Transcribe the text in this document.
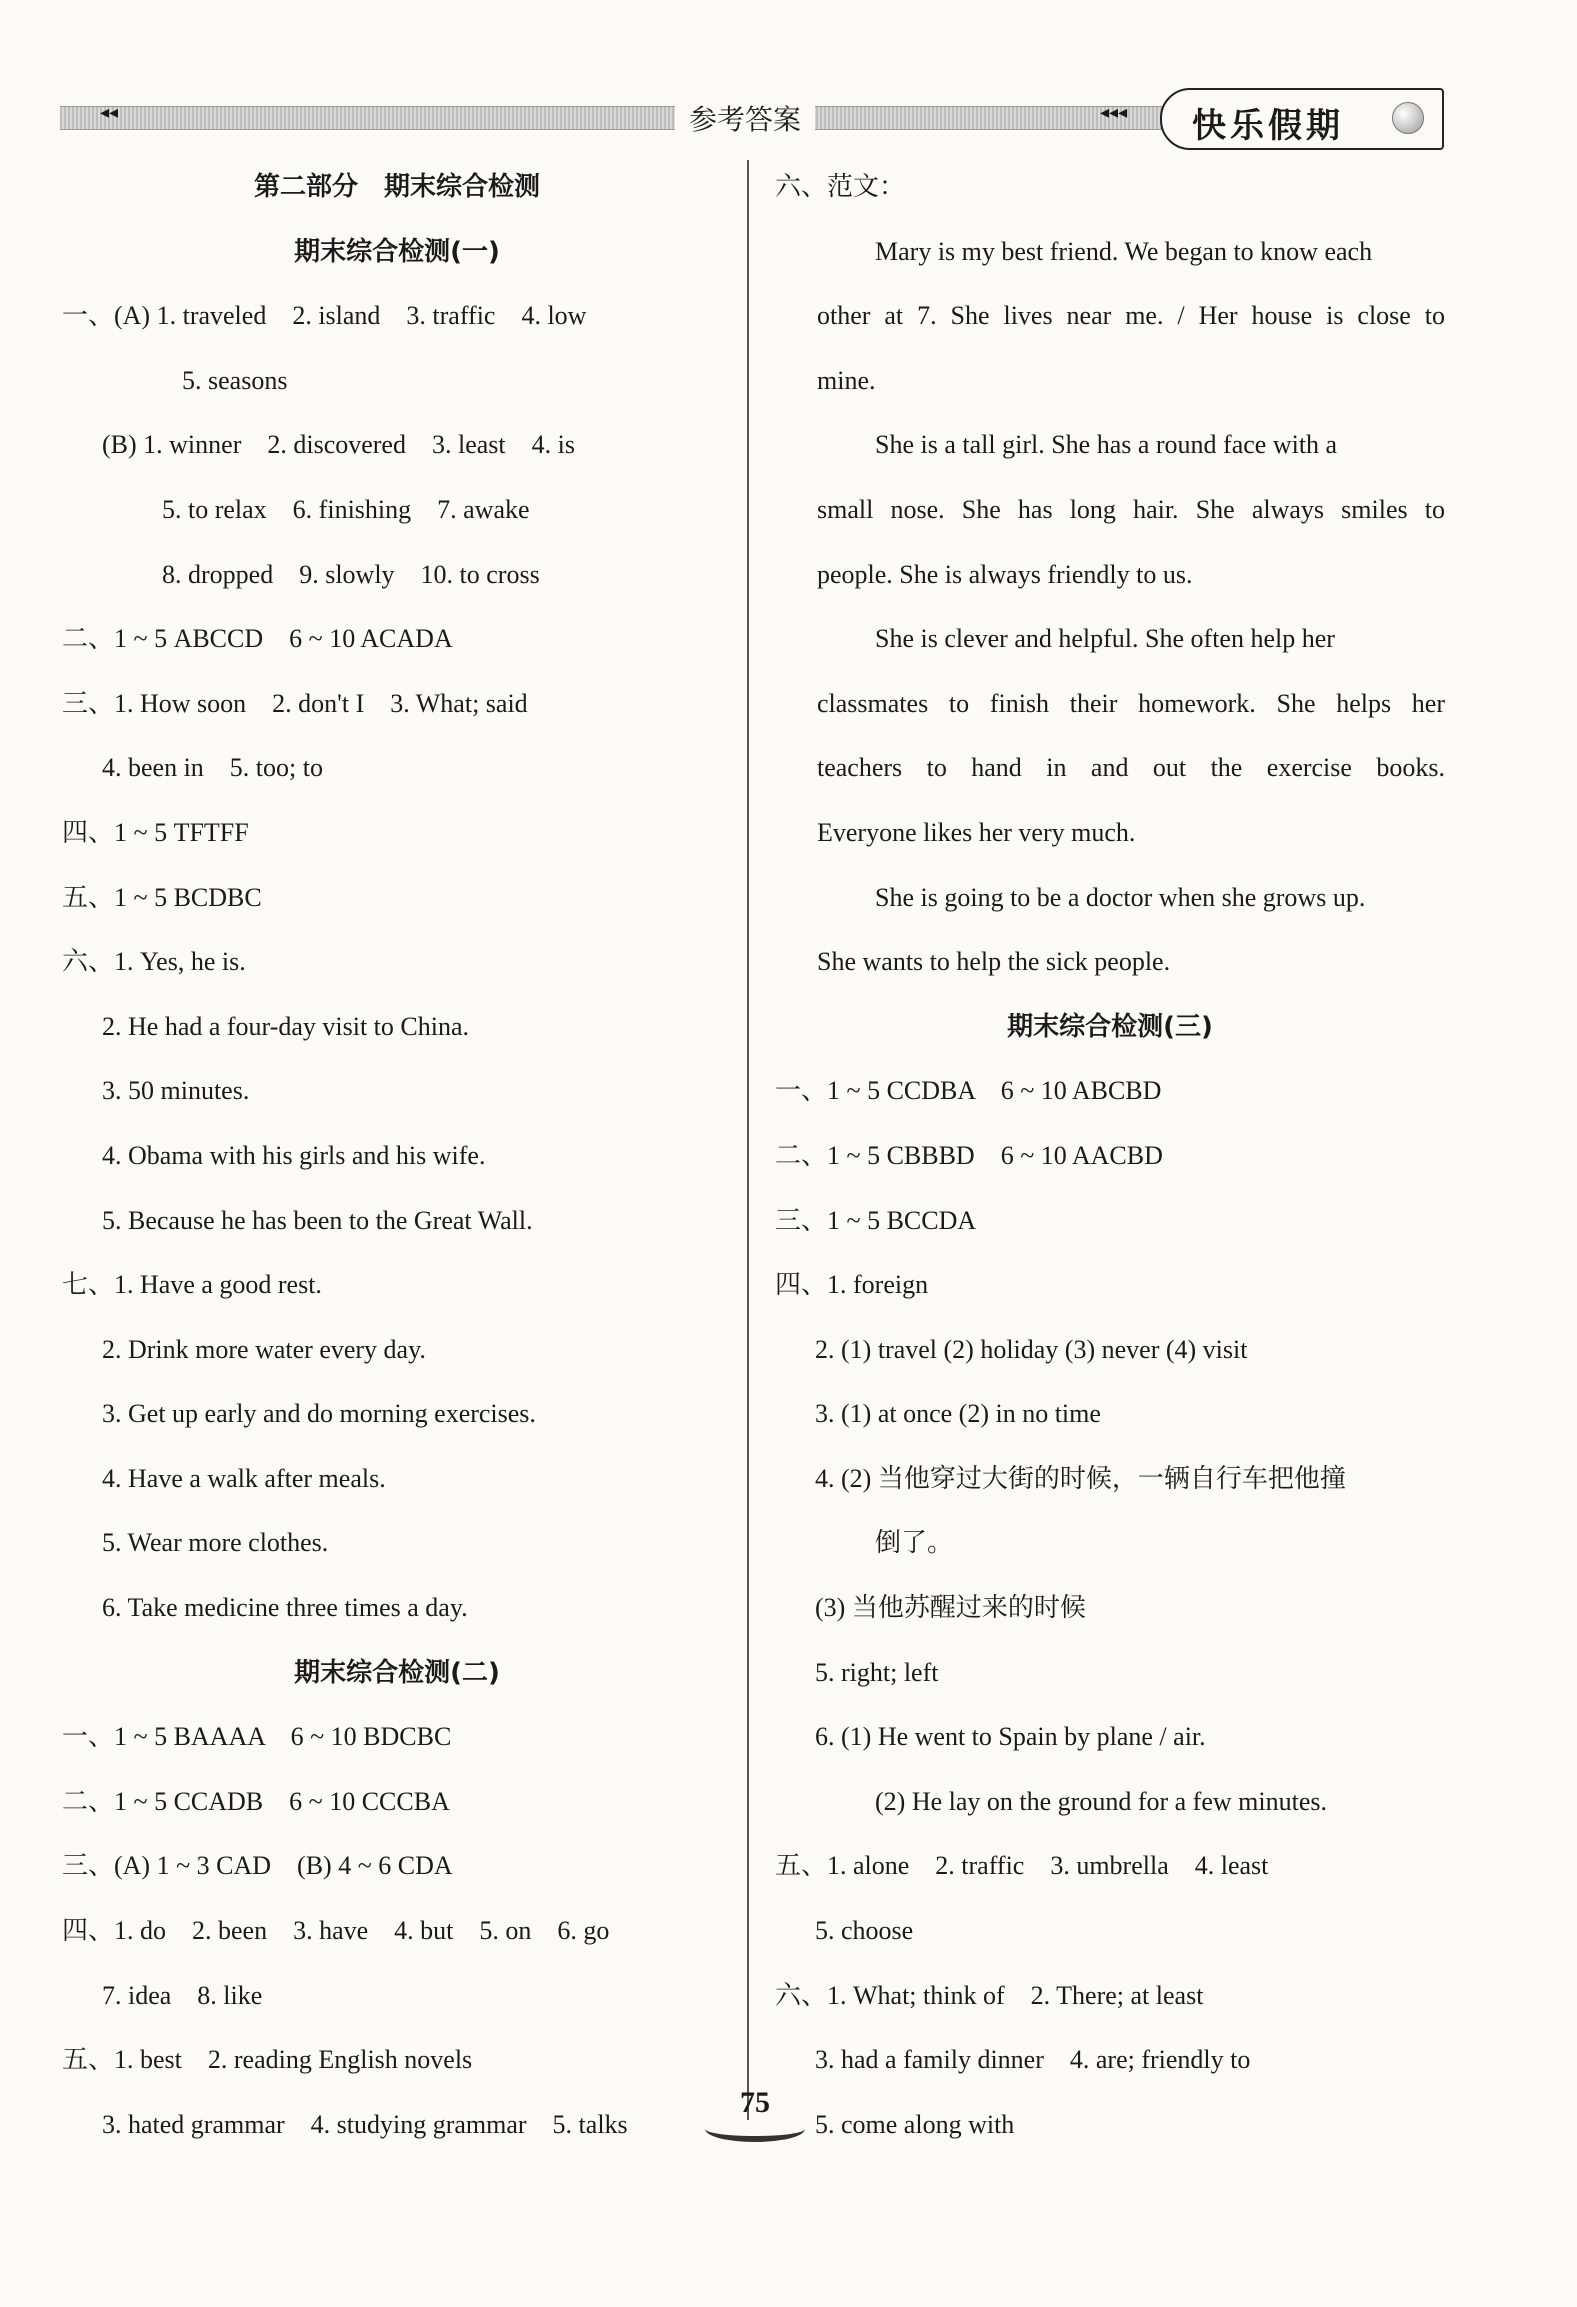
◂◂	◂◂◂
参考答案	快乐假期
第二部分　期末综合检测
期末综合检测(一)
一、(A) 1. traveled　2. island　3. traffic　4. low
5. seasons
(B) 1. winner　2. discovered　3. least　4. is
5. to relax　6. finishing　7. awake
8. dropped　9. slowly　10. to cross
二、1 ~ 5 ABCCD　6 ~ 10 ACADA
三、1. How soon　2. don't I　3. What; said
4. been in　5. too; to
四、1 ~ 5 TFTFF
五、1 ~ 5 BCDBC
六、1. Yes, he is.
2. He had a four-day visit to China.
3. 50 minutes.
4. Obama with his girls and his wife.
5. Because he has been to the Great Wall.
七、1. Have a good rest.
2. Drink more water every day.
3. Get up early and do morning exercises.
4. Have a walk after meals.
5. Wear more clothes.
6. Take medicine three times a day.
期末综合检测(二)
一、1 ~ 5 BAAAA　6 ~ 10 BDCBC
二、1 ~ 5 CCADB　6 ~ 10 CCCBA
三、(A) 1 ~ 3 CAD　(B) 4 ~ 6 CDA
四、1. do　2. been　3. have　4. but　5. on　6. go
7. idea　8. like
五、1. best　2. reading English novels
3. hated grammar　4. studying grammar　5. talks
六、范文：
Mary is my best friend. We began to know each
other at 7. She lives near me. / Her house is close to
mine.
She is a tall girl. She has a round face with a
small nose. She has long hair. She always smiles to
people. She is always friendly to us.
She is clever and helpful. She often help her
classmates to finish their homework. She helps her
teachers to hand in and out the exercise books.
Everyone likes her very much.
She is going to be a doctor when she grows up.
She wants to help the sick people.
期末综合检测(三)
一、1 ~ 5 CCDBA　6 ~ 10 ABCBD
二、1 ~ 5 CBBBD　6 ~ 10 AACBD
三、1 ~ 5 BCCDA
四、1. foreign
2. (1) travel (2) holiday (3) never (4) visit
3. (1) at once (2) in no time
4. (2) 当他穿过大街的时候，一辆自行车把他撞
倒了。
(3) 当他苏醒过来的时候
5. right; left
6. (1) He went to Spain by plane / air.
(2) He lay on the ground for a few minutes.
五、1. alone　2. traffic　3. umbrella　4. least
5. choose
六、1. What; think of　2. There; at least
3. had a family dinner　4. are; friendly to
5. come along with
75
